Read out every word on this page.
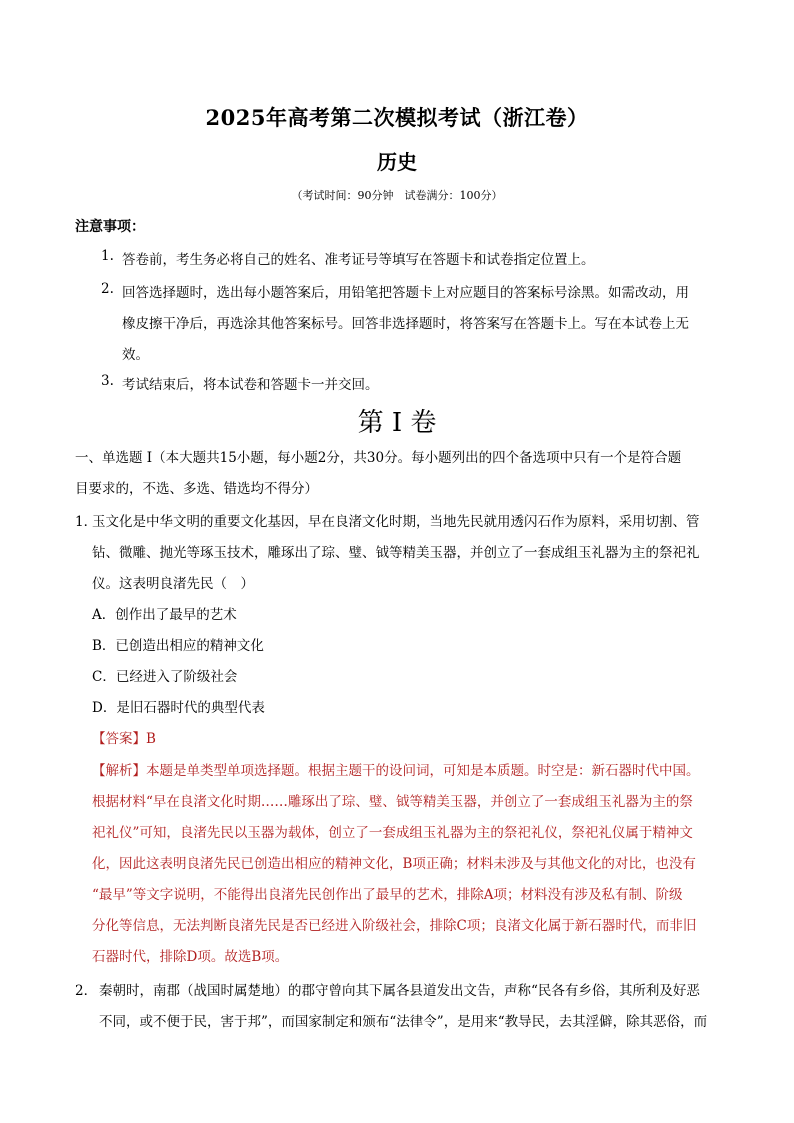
2025年高考第二次模拟考试（浙江卷）
历史
（考试时间：90分钟　试卷满分：100分）
注意事项：
1. 答卷前，考生务必将自己的姓名、准考证号等填写在答题卡和试卷指定位置上。
2. 回答选择题时，选出每小题答案后，用铅笔把答题卡上对应题目的答案标号涂黑。如需改动，用
橡皮擦干净后，再选涂其他答案标号。回答非选择题时，将答案写在答题卡上。写在本试卷上无
效。
3. 考试结束后，将本试卷和答题卡一并交回。
第 I 卷
一、单选题 I（本大题共15小题，每小题2分，共30分。每小题列出的四个备选项中只有一个是符合题
目要求的，不选、多选、错选均不得分）
1．
玉文化是中华文明的重要文化基因，早在良渚文化时期，当地先民就用透闪石作为原料，采用切割、管
钻、微雕、抛光等琢玉技术，雕琢出了琮、璧、钺等精美玉器，并创立了一套成组玉礼器为主的祭祀礼
仪。这表明良渚先民（　）
A．创作出了最早的艺术
B．已创造出相应的精神文化
C．已经进入了阶级社会
D．是旧石器时代的典型代表
【答案】B
【解析】本题是单类型单项选择题。根据主题干的设问词，可知是本质题。时空是：新石器时代中国。
根据材料“早在良渚文化时期……雕琢出了琮、璧、钺等精美玉器，并创立了一套成组玉礼器为主的祭
祀礼仪”可知，良渚先民以玉器为载体，创立了一套成组玉礼器为主的祭祀礼仪，祭祀礼仪属于精神文
化，因此这表明良渚先民已创造出相应的精神文化，B项正确；材料未涉及与其他文化的对比，也没有
“最早”等文字说明，不能得出良渚先民创作出了最早的艺术，排除A项；材料没有涉及私有制、阶级
分化等信息，无法判断良渚先民是否已经进入阶级社会，排除C项；良渚文化属于新石器时代，而非旧
石器时代，排除D项。故选B项。
2． 秦朝时，南郡（战国时属楚地）的郡守曾向其下属各县道发出文告，声称“民各有乡俗，其所利及好恶
不同，或不便于民，害于邦”，而国家制定和颁布“法律令”，是用来“教导民，去其淫僻，除其恶俗，而
